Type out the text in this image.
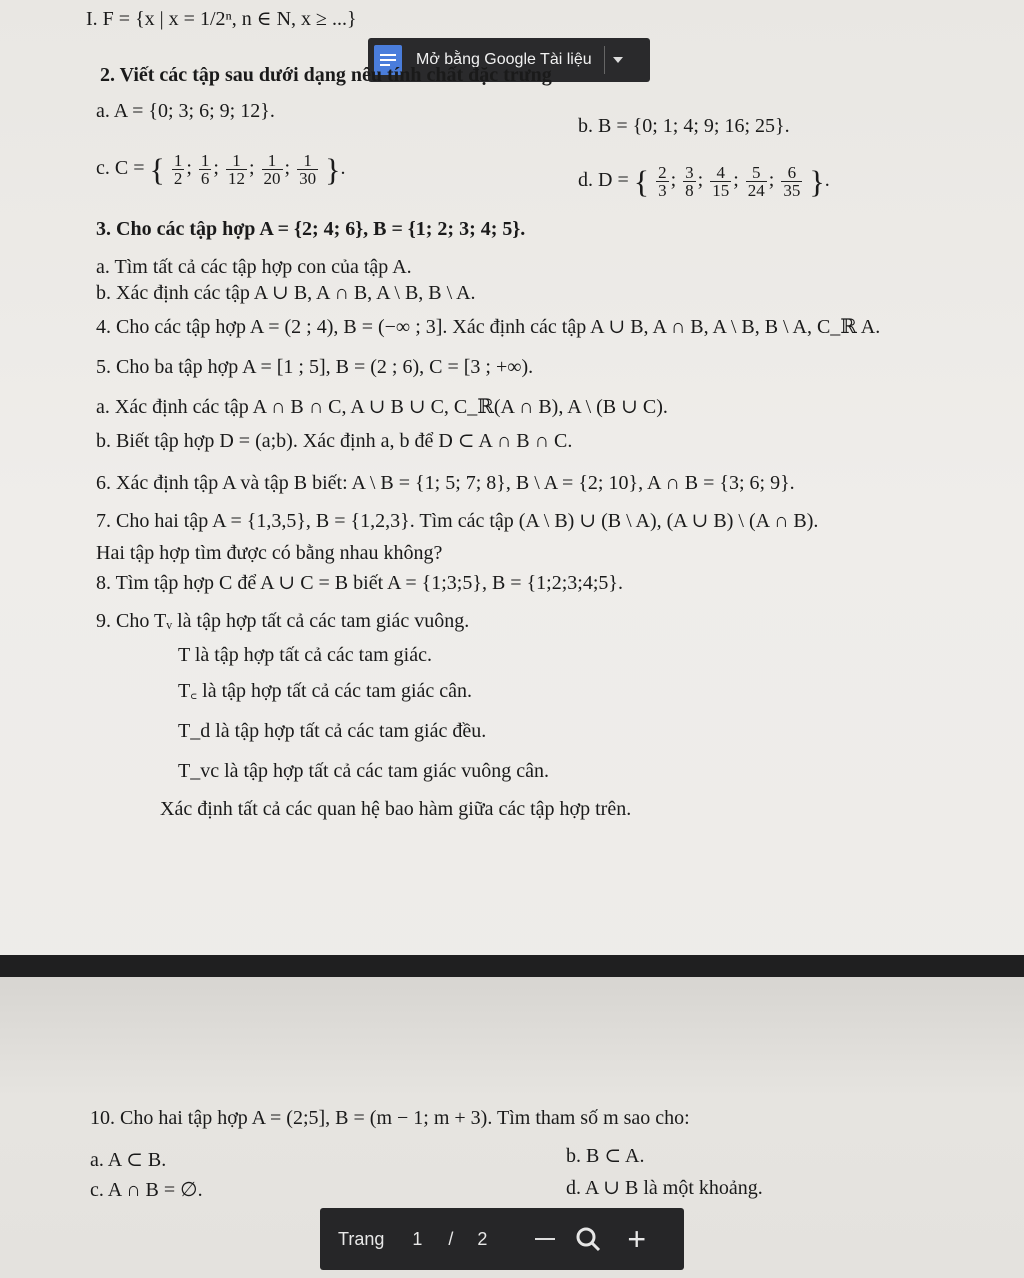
I. F = {x | x = 1/2ⁿ, n ∈ N, x ≥ ...}
Mở bằng Google Tài liệu
2. Viết các tập sau dưới dạng nêu tính chất đặc trưng
a. A = {0; 3; 6; 9; 12}.
b. B = {0; 1; 4; 9; 16; 25}.
c. C = { $\frac{1}{2}$ ; $\frac{1}{6}$ ; $\frac{1}{12}$ ; $\frac{1}{20}$ ; $\frac{1}{30}$ }.
d. D = { $\frac{2}{3}$ ; $\frac{3}{8}$ ; $\frac{4}{15}$ ; $\frac{5}{24}$ ; $\frac{6}{35}$ }.
3. Cho các tập hợp A = {2; 4; 6}, B = {1; 2; 3; 4; 5}.
a. Tìm tất cả các tập hợp con của tập A.
b. Xác định các tập A ∪ B, A ∩ B, A \ B, B \ A.
4. Cho các tập hợp A = (2 ; 4), B = (−∞ ; 3]. Xác định các tập A ∪ B, A ∩ B, A \ B, B \ A, C_ℝ A.
5. Cho ba tập hợp A = [1 ; 5], B = (2 ; 6), C = [3 ; +∞).
a. Xác định các tập A ∩ B ∩ C, A ∪ B ∪ C, C_ℝ(A ∩ B), A \ (B ∪ C).
b. Biết tập hợp D = (a;b). Xác định a, b để D ⊂ A ∩ B ∩ C.
6. Xác định tập A và tập B biết: A \ B = {1; 5; 7; 8}, B \ A = {2; 10}, A ∩ B = {3; 6; 9}.
7. Cho hai tập A = {1,3,5}, B = {1,2,3}. Tìm các tập (A \ B) ∪ (B \ A), (A ∪ B) \ (A ∩ B).
Hai tập hợp tìm được có bằng nhau không?
8. Tìm tập hợp C để A ∪ C = B biết A = {1;3;5}, B = {1;2;3;4;5}.
9. Cho Tᵥ là tập hợp tất cả các tam giác vuông.
T là tập hợp tất cả các tam giác.
T꜀ là tập hợp tất cả các tam giác cân.
T_d là tập hợp tất cả các tam giác đều.
T_vc là tập hợp tất cả các tam giác vuông cân.
Xác định tất cả các quan hệ bao hàm giữa các tập hợp trên.
10. Cho hai tập hợp A = (2;5], B = (m − 1; m + 3). Tìm tham số m sao cho:
a. A ⊂ B.	b. B ⊂ A.
c. A ∩ B = ∅.	d. A ∪ B là một khoảng.
Trang 1 / 2	+
